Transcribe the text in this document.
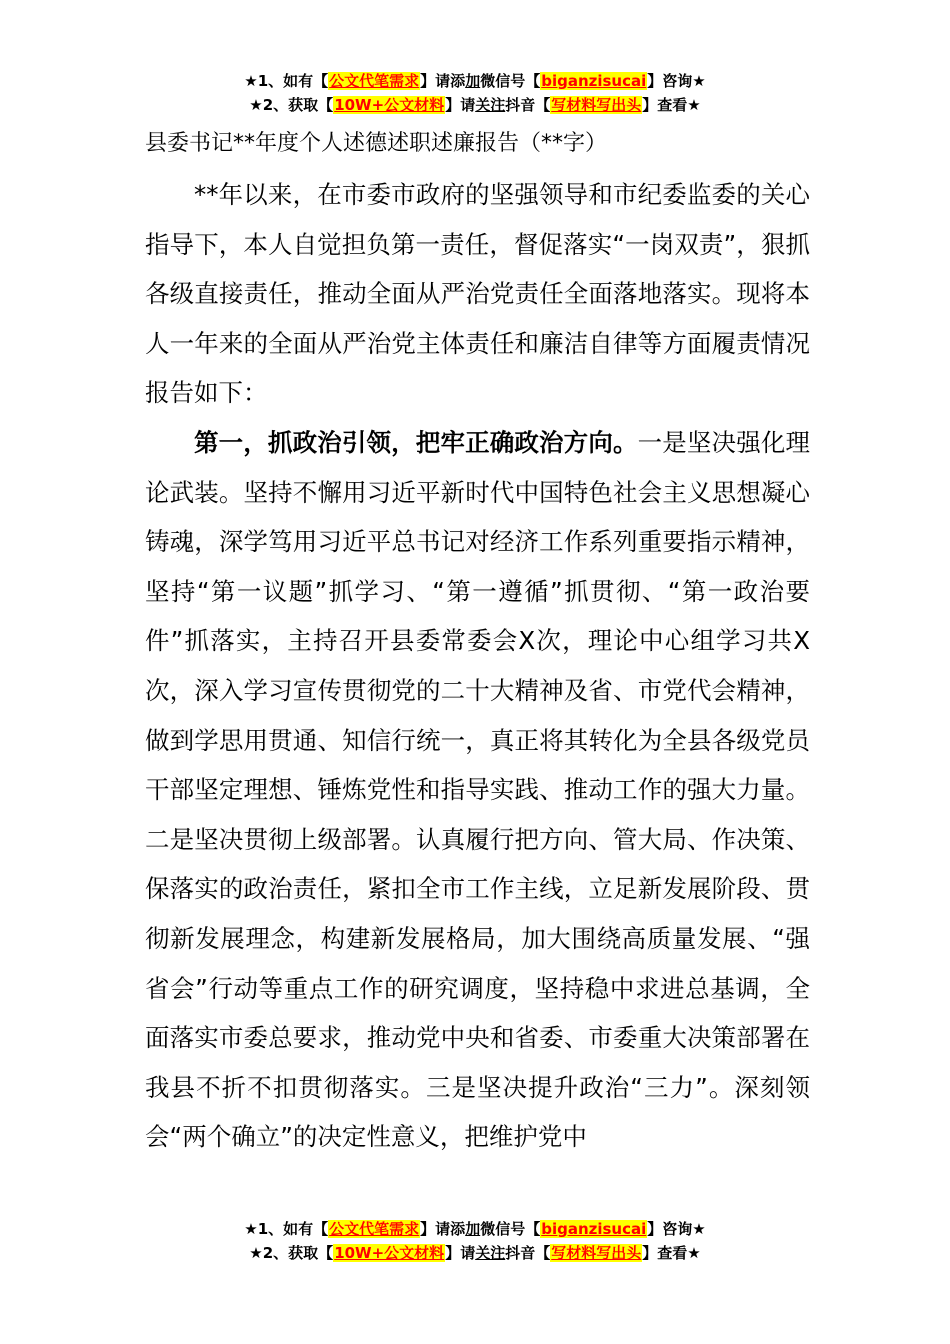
★1、如有【公文代笔需求】请添加微信号【biganzisucai】咨询★
★2、获取【10W+公文材料】请关注抖音【写材料写出头】查看★
县委书记**年度个人述德述职述廉报告（**字）

**年以来，在市委市政府的坚强领导和市纪委监委的关心指导下，本人自觉担负第一责任，督促落实“一岗双责”，狠抓各级直接责任，推动全面从严治党责任全面落地落实。现将本人一年来的全面从严治党主体责任和廉洁自律等方面履责情况报告如下：

第一，抓政治引领，把牢正确政治方向。一是坚决强化理论武装。坚持不懈用习近平新时代中国特色社会主义思想凝心铸魂，深学笃用习近平总书记对经济工作系列重要指示精神，坚持“第一议题”抓学习、“第一遵循”抓贯彻、“第一政治要件”抓落实，主持召开县委常委会X次，理论中心组学习共X次，深入学习宣传贯彻党的二十大精神及省、市党代会精神，做到学思用贯通、知信行统一，真正将其转化为全县各级党员干部坚定理想、锤炼党性和指导实践、推动工作的强大力量。二是坚决贯彻上级部署。认真履行把方向、管大局、作决策、保落实的政治责任，紧扣全市工作主线，立足新发展阶段、贯彻新发展理念，构建新发展格局，加大围绕高质量发展、“强省会”行动等重点工作的研究调度，坚持稳中求进总基调，全面落实市委总要求，推动党中央和省委、市委重大决策部署在我县不折不扣贯彻落实。三是坚决提升政治“三力”。深刻领会“两个确立”的决定性意义，把维护党中

★1、如有【公文代笔需求】请添加微信号【biganzisucai】咨询★
★2、获取【10W+公文材料】请关注抖音【写材料写出头】查看★
